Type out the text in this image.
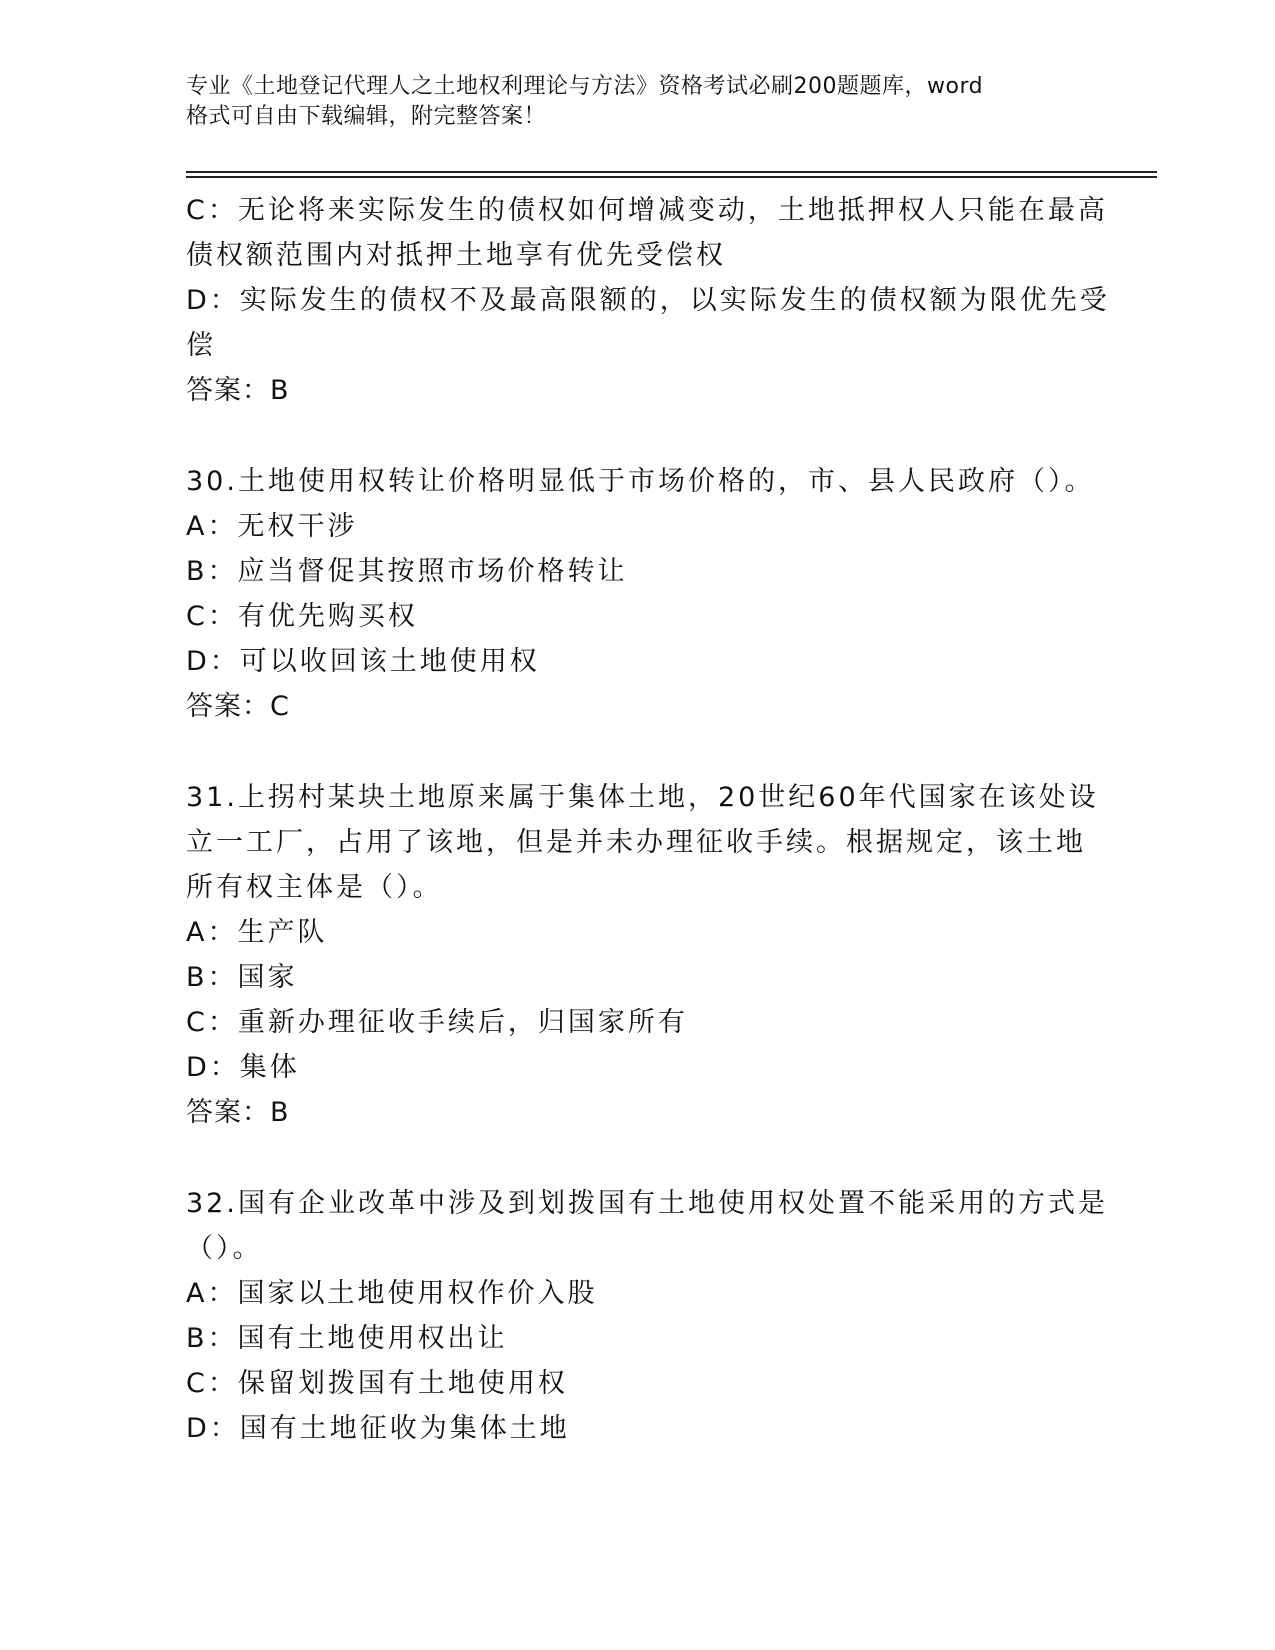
专业《土地登记代理人之土地权利理论与方法》资格考试必刷200题题库，word
格式可自由下载编辑，附完整答案！
C：无论将来实际发生的债权如何增减变动，土地抵押权人只能在最高
债权额范围内对抵押土地享有优先受偿权
D：实际发生的债权不及最高限额的，以实际发生的债权额为限优先受
偿
答案：B
30.土地使用权转让价格明显低于市场价格的，市、县人民政府（）。
A：无权干涉
B：应当督促其按照市场价格转让
C：有优先购买权
D：可以收回该土地使用权
答案：C
31.上拐村某块土地原来属于集体土地，20世纪60年代国家在该处设
立一工厂，占用了该地，但是并未办理征收手续。根据规定，该土地
所有权主体是（）。
A：生产队
B：国家
C：重新办理征收手续后，归国家所有
D：集体
答案：B
32.国有企业改革中涉及到划拨国有土地使用权处置不能采用的方式是
（）。
A：国家以土地使用权作价入股
B：国有土地使用权出让
C：保留划拨国有土地使用权
D：国有土地征收为集体土地
